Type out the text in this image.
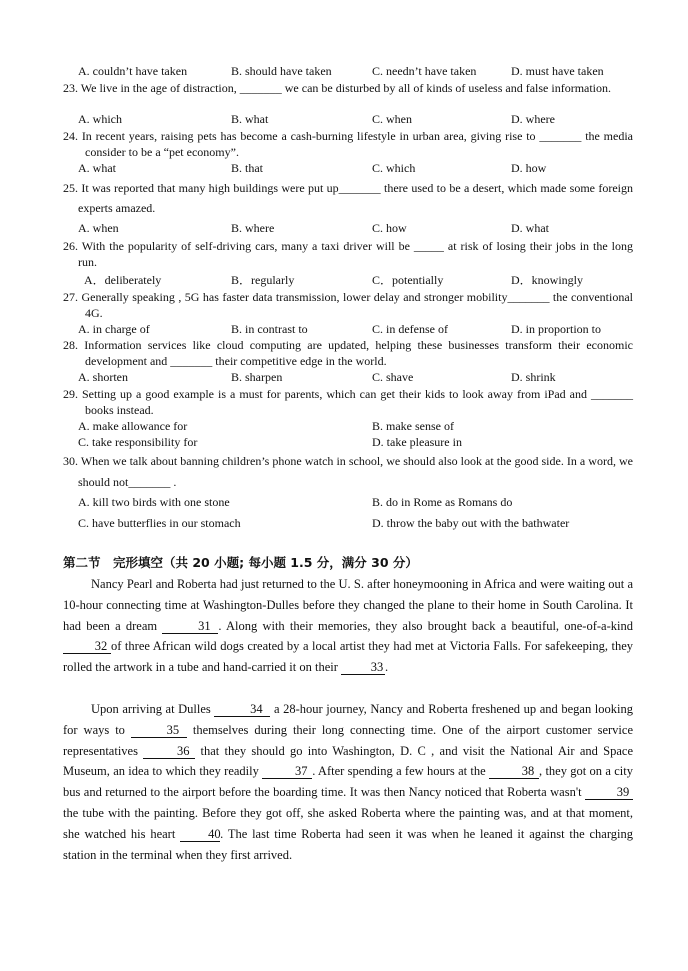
A. couldn’t have taken	B. should have taken	C. needn’t have taken	D. must have taken
23. We live in the age of distraction, _______ we can be disturbed by all of kinds of useless and false information.
A. which	B. what	C. when	D. where
24. In recent years, raising pets has become a cash-burning lifestyle in urban area, giving rise to _______ the media consider to be a “pet economy”.
A. what	B. that	C. which	D. how
25. It was reported that many high buildings were put up_______ there used to be a desert, which made some foreign experts amazed.
A. when	B. where	C. how	D. what
26. With the popularity of self-driving cars, many a taxi driver will be _____ at risk of losing their jobs in the long run.
A．deliberately	B．regularly	C．potentially	D．knowingly
27. Generally speaking , 5G has faster data transmission, lower delay and stronger mobility_______ the conventional 4G.
A. in charge of	B. in contrast to	C. in defense of	D. in proportion to
28. Information services like cloud computing are updated, helping these businesses transform their economic development and _______ their competitive edge in the world.
A. shorten	B. sharpen	C. shave	D. shrink
29. Setting up a good example is a must for parents, which can get their kids to look away from iPad and _______ books instead.
A. make allowance for	B. make sense of
C. take responsibility for	D. take pleasure in
30. When we talk about banning children’s phone watch in school, we should also look at the good side. In a word, we should not_______ .
A. kill two birds with one stone	B. do in Rome as Romans do
C. have butterflies in our stomach	D. throw the baby out with the bathwater
第二节　完形填空（共 20 小题; 每小题 1.5 分，满分 30 分）
Nancy Pearl and Roberta had just returned to the U. S. after honeymooning in Africa and were waiting out a 10-hour connecting time at Washington-Dulles before they changed the plane to their home in South Carolina. It had been a dream	31 . Along with their memories, they also brought back a beautiful, one-of-a-kind 32 of three African wild dogs created by a local artist they had met at Victoria Falls. For safekeeping, they rolled the artwork in a tube and hand-carried it on their 33 .
Upon arriving at Dulles	34 a 28-hour journey, Nancy and Roberta freshened up and began looking for ways to	35 themselves during their long connecting time. One of the airport customer service representatives	36 that they should go into Washington, D. C , and visit the National Air and Space Museum, an idea to which they readily	37 . After spending a few hours at the	38 , they got on a city bus and returned to the airport before the boarding time. It was then Nancy noticed that Roberta wasn't	39the tube with the painting. Before they got off, she asked Roberta where the painting was, and at that moment, she watched his heart 40. The last time Roberta had seen it was when he leaned it against the charging station in the terminal when they first arrived.
